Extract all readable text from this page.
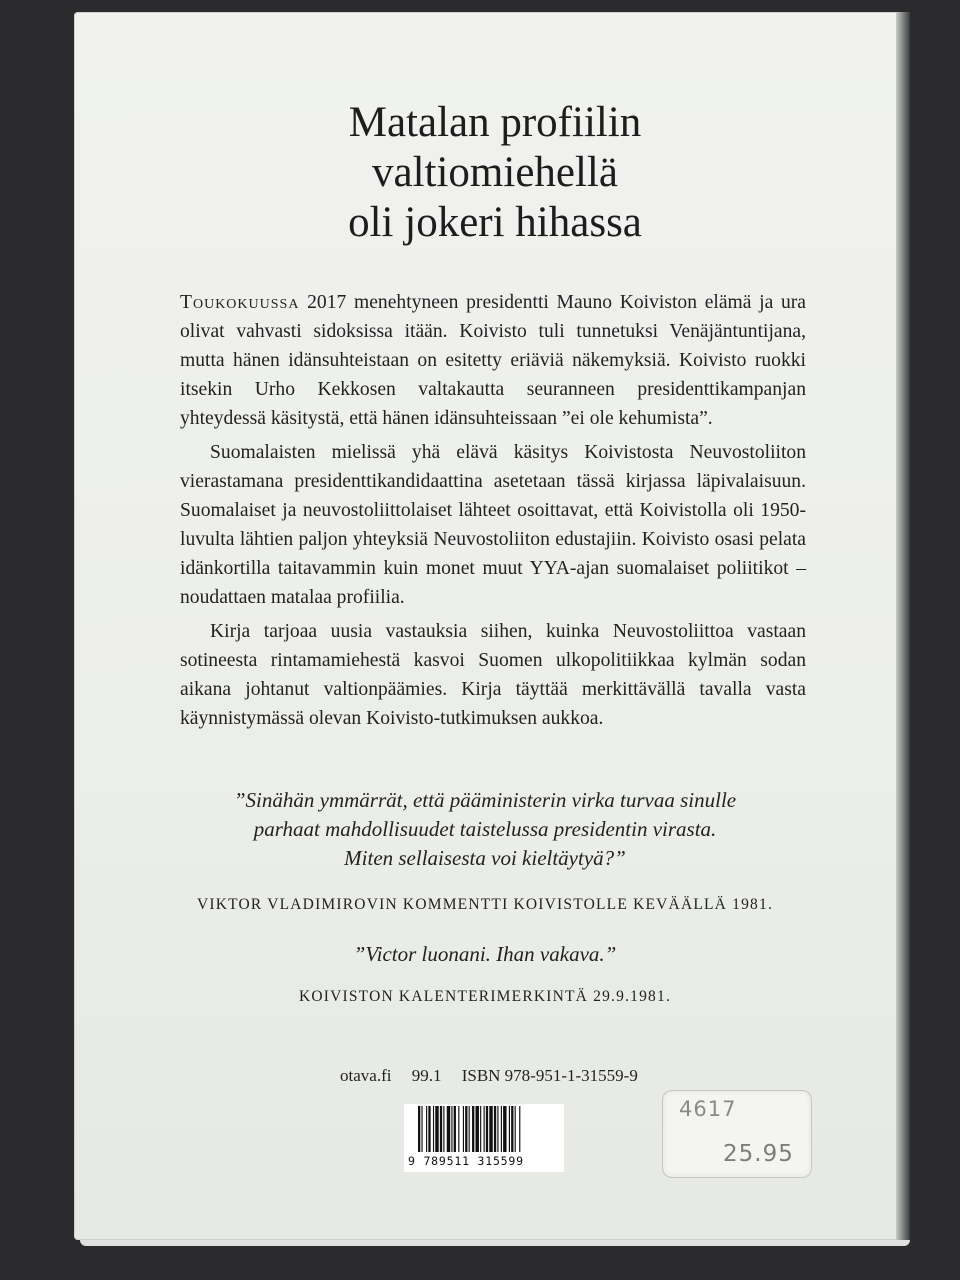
Matalan profiilin
valtiomiehellä
oli jokeri hihassa

Toukokuussa 2017 menehtyneen presidentti Mauno Koiviston elämä ja ura olivat vahvasti sidoksissa itään. Koivisto tuli tunnetuksi Venäjäntuntijana, mutta hänen idänsuhteistaan on esitetty eriäviä näkemyksiä. Koivisto ruokki itsekin Urho Kekkosen valtakautta seuranneen presidenttikampanjan yhteydessä käsitystä, että hänen idänsuhteissaan ”ei ole kehumista”.

Suomalaisten mielissä yhä elävä käsitys Koivistosta Neuvostoliiton vierastamana presidenttikandidaattina asetetaan tässä kirjassa läpivalaisuun. Suomalaiset ja neuvostoliittolaiset lähteet osoittavat, että Koivistolla oli 1950-luvulta lähtien paljon yhteyksiä Neuvostoliiton edustajiin. Koivisto osasi pelata idänkortilla taitavammin kuin monet muut YYA-ajan suomalaiset poliitikot – noudattaen matalaa profiilia.

Kirja tarjoaa uusia vastauksia siihen, kuinka Neuvostoliittoa vastaan sotineesta rintamamiehestä kasvoi Suomen ulkopolitiikkaa kylmän sodan aikana johtanut valtionpäämies. Kirja täyttää merkittävällä tavalla vasta käynnistymässä olevan Koivisto-tutkimuksen aukkoa.

”Sinähän ymmärrät, että pääministerin virka turvaa sinulle
parhaat mahdollisuudet taistelussa presidentin virasta.
Miten sellaisesta voi kieltäytyä?”
VIKTOR VLADIMIROVIN KOMMENTTI KOIVISTOLLE KEVÄÄLLÄ 1981.
”Victor luonani. Ihan vakava.”
KOIVISTON KALENTERIMERKINTÄ 29.9.1981.
otava.fi 99.1 ISBN 978-951-1-31559-9
9 789511 315599
4617
25.95
